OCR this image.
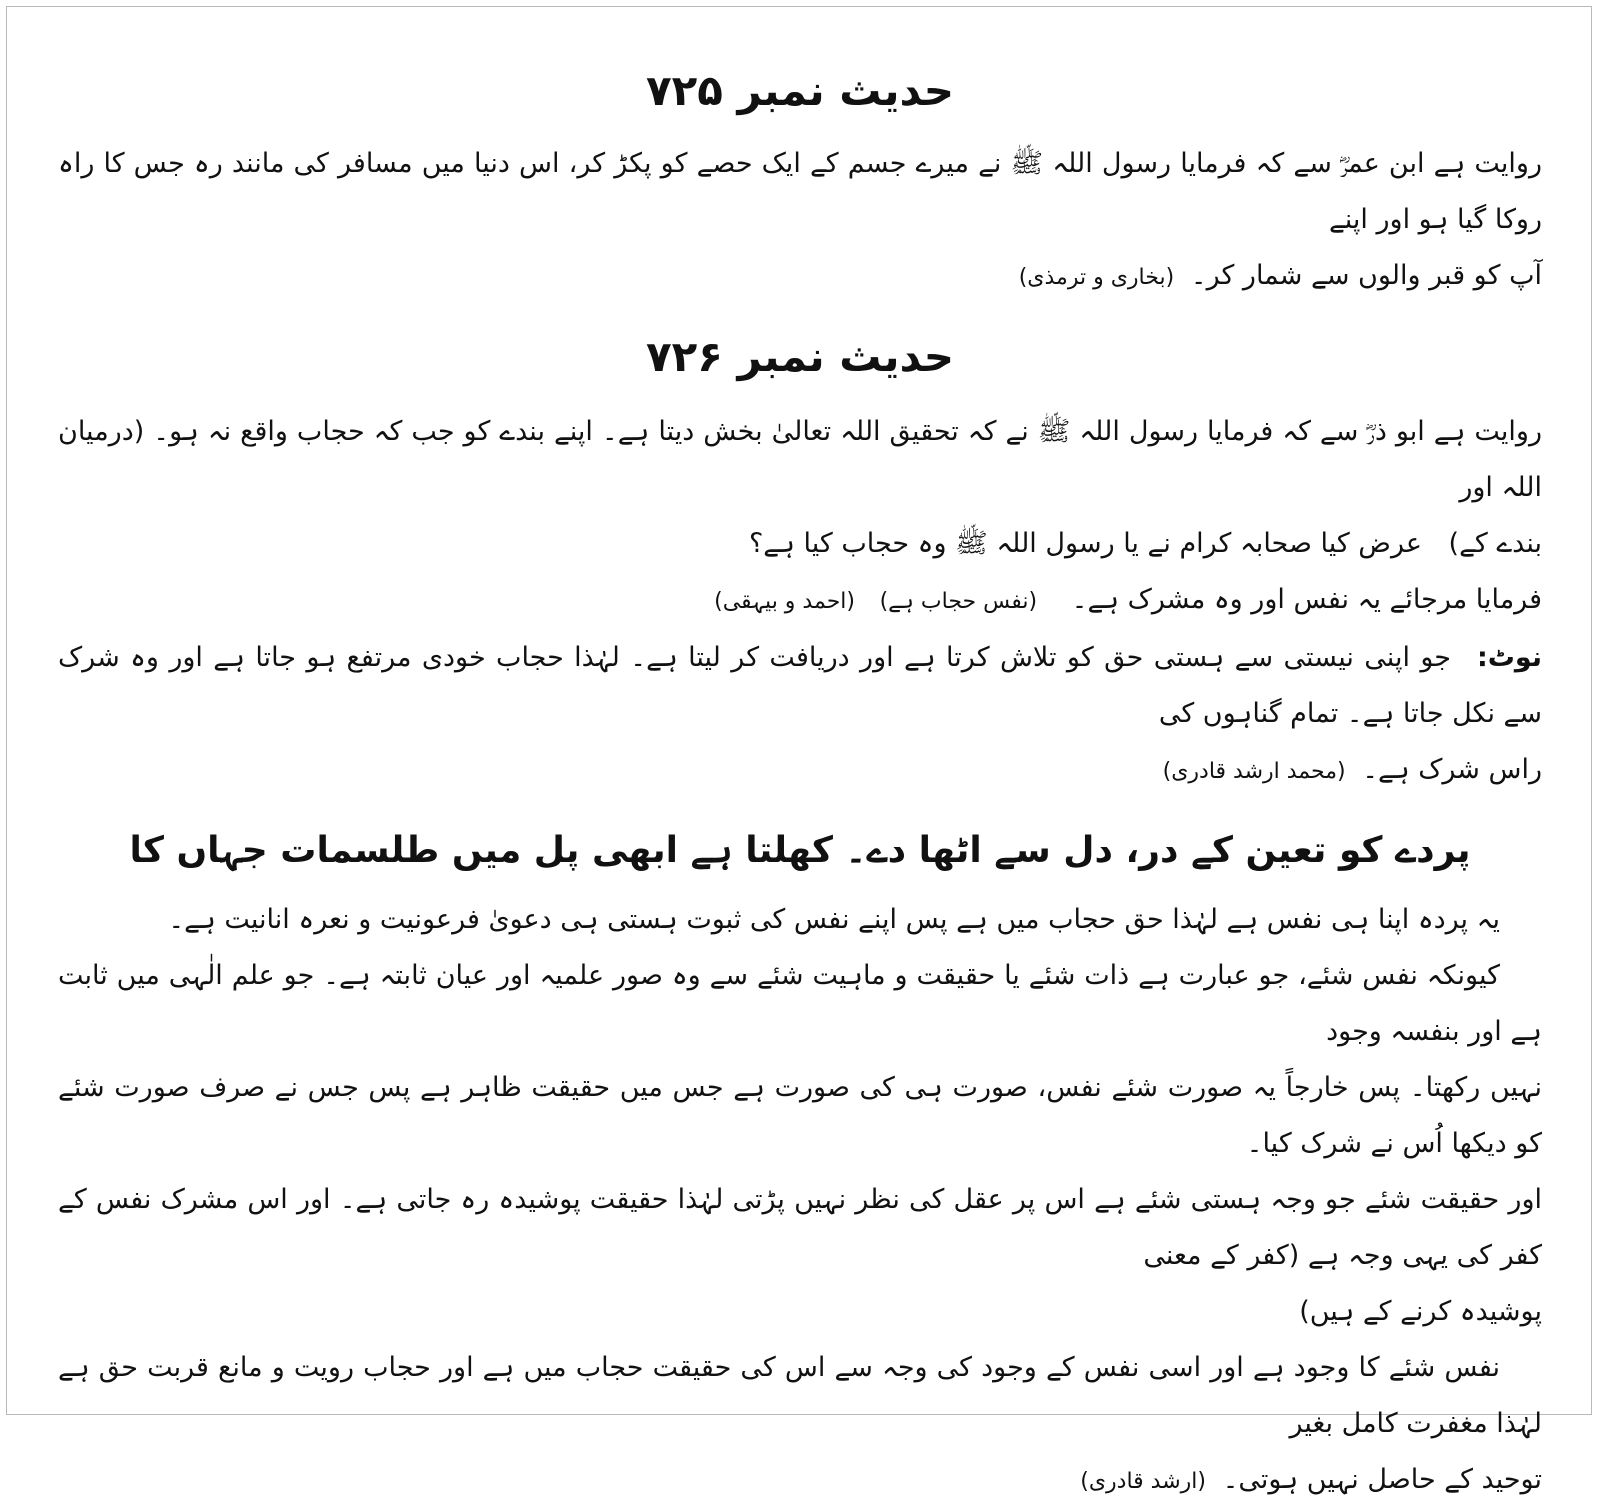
حدیث نمبر ۷۲۵

روایت ہے ابن عمرؓ سے کہ فرمایا رسول اللہ ﷺ نے میرے جسم کے ایک حصے کو پکڑ کر، اس دنیا میں مسافر کی مانند رہ جس کا راہ روکا گیا ہو اور اپنے

آپ کو قبر والوں سے شمار کر۔ (بخاری و ترمذی)

حدیث نمبر ۷۲۶

روایت ہے ابو ذرؓ سے کہ فرمایا رسول اللہ ﷺ نے کہ تحقیق اللہ تعالیٰ بخش دیتا ہے۔ اپنے بندے کو جب کہ حجاب واقع نہ ہو۔ (درمیان اللہ اور

بندے کے) عرض کیا صحابہ کرام نے یا رسول اللہ ﷺ وہ حجاب کیا ہے؟

فرمایا مرجائے یہ نفس اور وہ مشرک ہے۔ (نفس حجاب ہے) (احمد و بیہقی)

نوٹ:جو اپنی نیستی سے ہستی حق کو تلاش کرتا ہے اور دریافت کر لیتا ہے۔ لہٰذا حجاب خودی مرتفع ہو جاتا ہے اور وہ شرک سے نکل جاتا ہے۔ تمام گناہوں کی

راس شرک ہے۔ (محمد ارشد قادری)

پردے کو تعین کے در، دل سے اٹھا دے۔ کھلتا ہے ابھی پل میں طلسمات جہاں کا

یہ پردہ اپنا ہی نفس ہے لہٰذا حق حجاب میں ہے پس اپنے نفس کی ثبوت ہستی ہی دعویٰ فرعونیت و نعرہ انانیت ہے۔

کیونکہ نفس شئے، جو عبارت ہے ذات شئے یا حقیقت و ماہیت شئے سے وہ صور علمیہ اور عیان ثابتہ ہے۔ جو علم الٰہی میں ثابت ہے اور بنفسہ وجود

نہیں رکھتا۔ پس خارجاً یہ صورت شئے نفس، صورت ہی کی صورت ہے جس میں حقیقت ظاہر ہے پس جس نے صرف صورت شئے کو دیکھا اُس نے شرک کیا۔

اور حقیقت شئے جو وجہ ہستی شئے ہے اس پر عقل کی نظر نہیں پڑتی لہٰذا حقیقت پوشیدہ رہ جاتی ہے۔ اور اس مشرک نفس کے کفر کی یہی وجہ ہے (کفر کے معنی

پوشیدہ کرنے کے ہیں)

نفس شئے کا وجود ہے اور اسی نفس کے وجود کی وجہ سے اس کی حقیقت حجاب میں ہے اور حجاب رویت و مانع قربت حق ہے لہٰذا مغفرت کامل بغیر

توحید کے حاصل نہیں ہوتی۔ (ارشد قادری)
